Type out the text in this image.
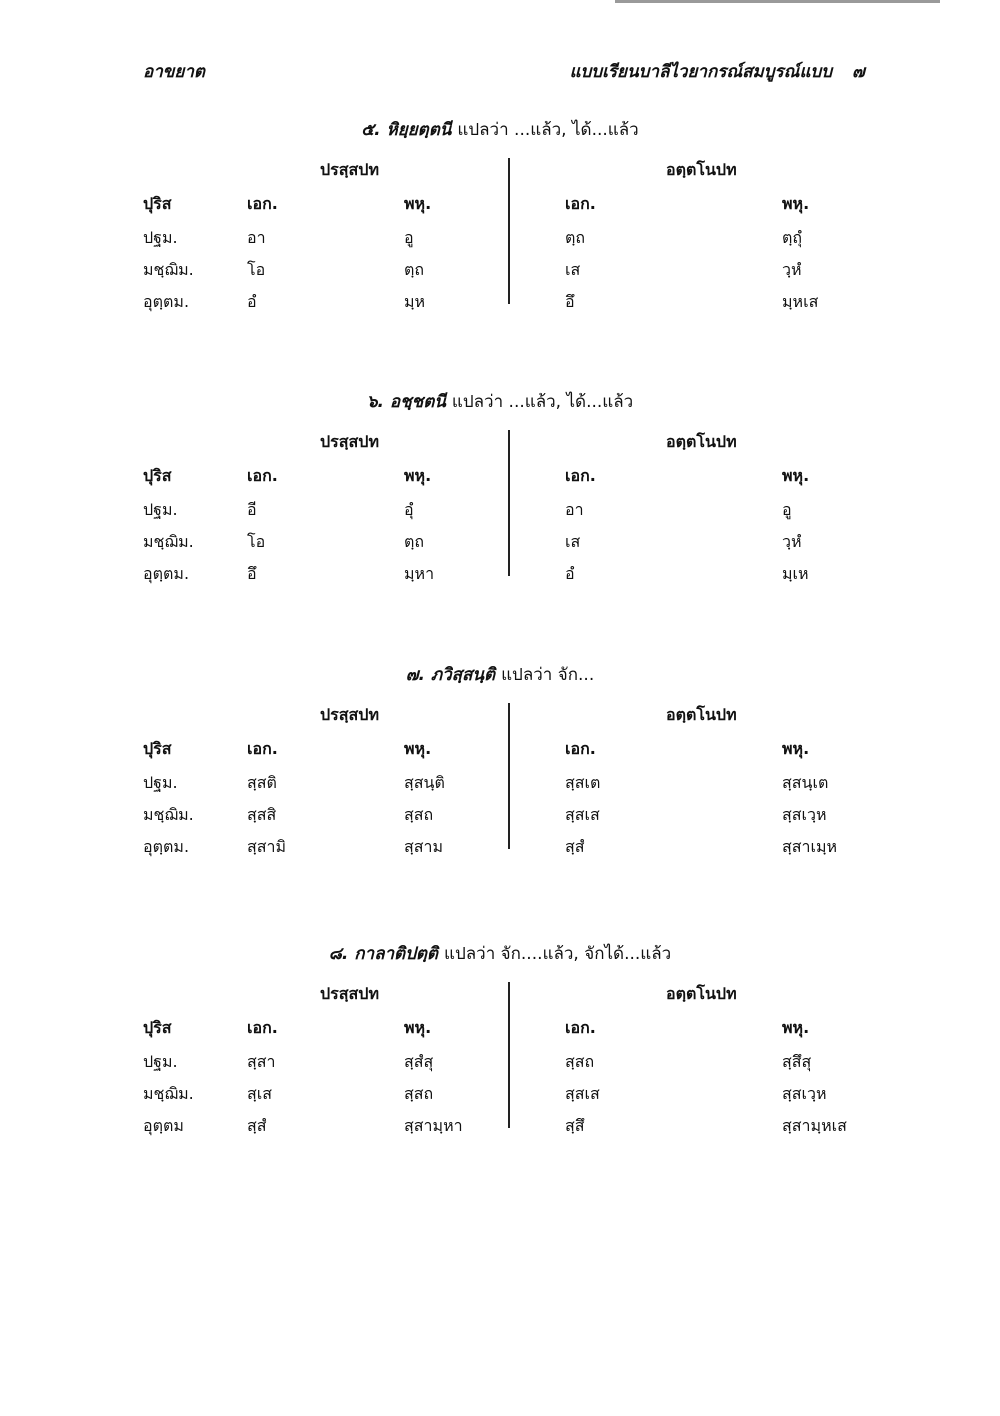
อาขยาต	แบบเรียนบาลีไวยากรณ์สมบูรณ์แบบ ๗
๕. หิยฺยตฺตนี แปลว่า ...แล้ว, ได้...แล้ว
ปรสฺสปท	อตฺตโนปท
ปุริส	เอก.	พหุ.	เอก.	พหุ.
ปฐม.	อา	อู	ตฺถ	ตฺถุํ
มชฺฌิม.	โอ	ตฺถ	เส	วฺหํ
อุตฺตม.	อํ	มฺห	อึ	มฺหเส
๖. อชฺชตนี แปลว่า ...แล้ว, ได้...แล้ว
ปรสฺสปท	อตฺตโนปท
ปุริส	เอก.	พหุ.	เอก.	พหุ.
ปฐม.	อี	อุํ	อา	อู
มชฺฌิม.	โอ	ตฺถ	เส	วฺหํ
อุตฺตม.	อึ	มฺหา	อํ	มฺเห
๗. ภวิสฺสนฺติ แปลว่า จัก...
ปรสฺสปท	อตฺตโนปท
ปุริส	เอก.	พหุ.	เอก.	พหุ.
ปฐม.	สฺสติ	สฺสนฺติ	สฺสเต	สฺสนฺเต
มชฺฌิม.	สฺสสิ	สฺสถ	สฺสเส	สฺสเวฺห
อุตฺตม.	สฺสามิ	สฺสาม	สฺสํ	สฺสาเมฺห
๘. กาลาติปตฺติ แปลว่า จัก....แล้ว, จักได้...แล้ว
ปรสฺสปท	อตฺตโนปท
ปุริส	เอก.	พหุ.	เอก.	พหุ.
ปฐม.	สฺสา	สฺสํสุ	สฺสถ	สฺสึสุ
มชฺฌิม.	สฺเส	สฺสถ	สฺสเส	สฺสเวฺห
อุตฺตม	สฺสํ	สฺสามฺหา	สฺสึ	สฺสามฺหเส
